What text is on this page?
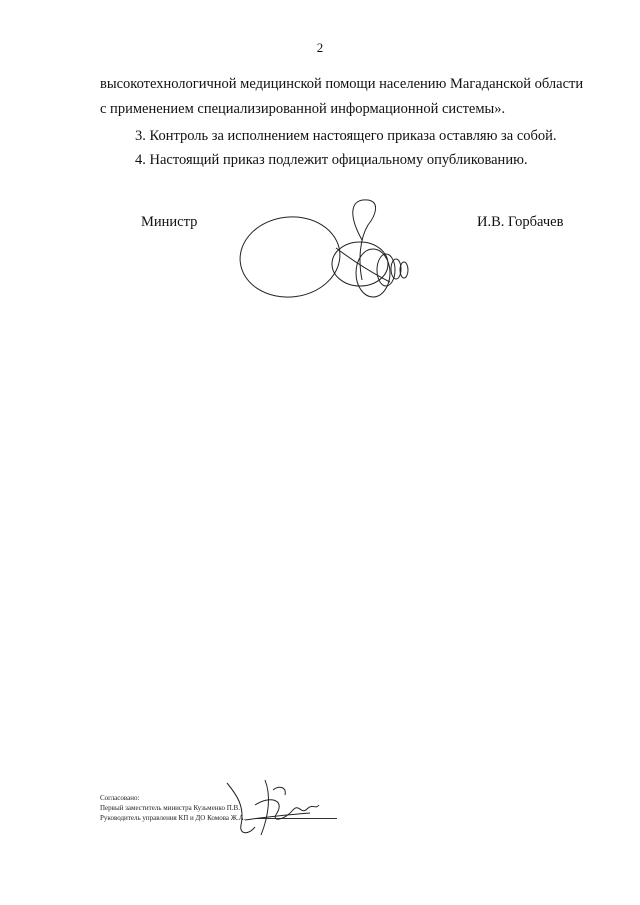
2
высокотехнологичной медицинской помощи населению Магаданской области
с применением специализированной информационной системы».
3. Контроль за исполнением настоящего приказа оставляю за собой.
4. Настоящий приказ подлежит официальному опубликованию.
Министр	И.В. Горбачев
Согласовано:
Первый заместитель министра Кузьменко П.В.
Руководитель управления КП и ДО Комова Ж.А.
